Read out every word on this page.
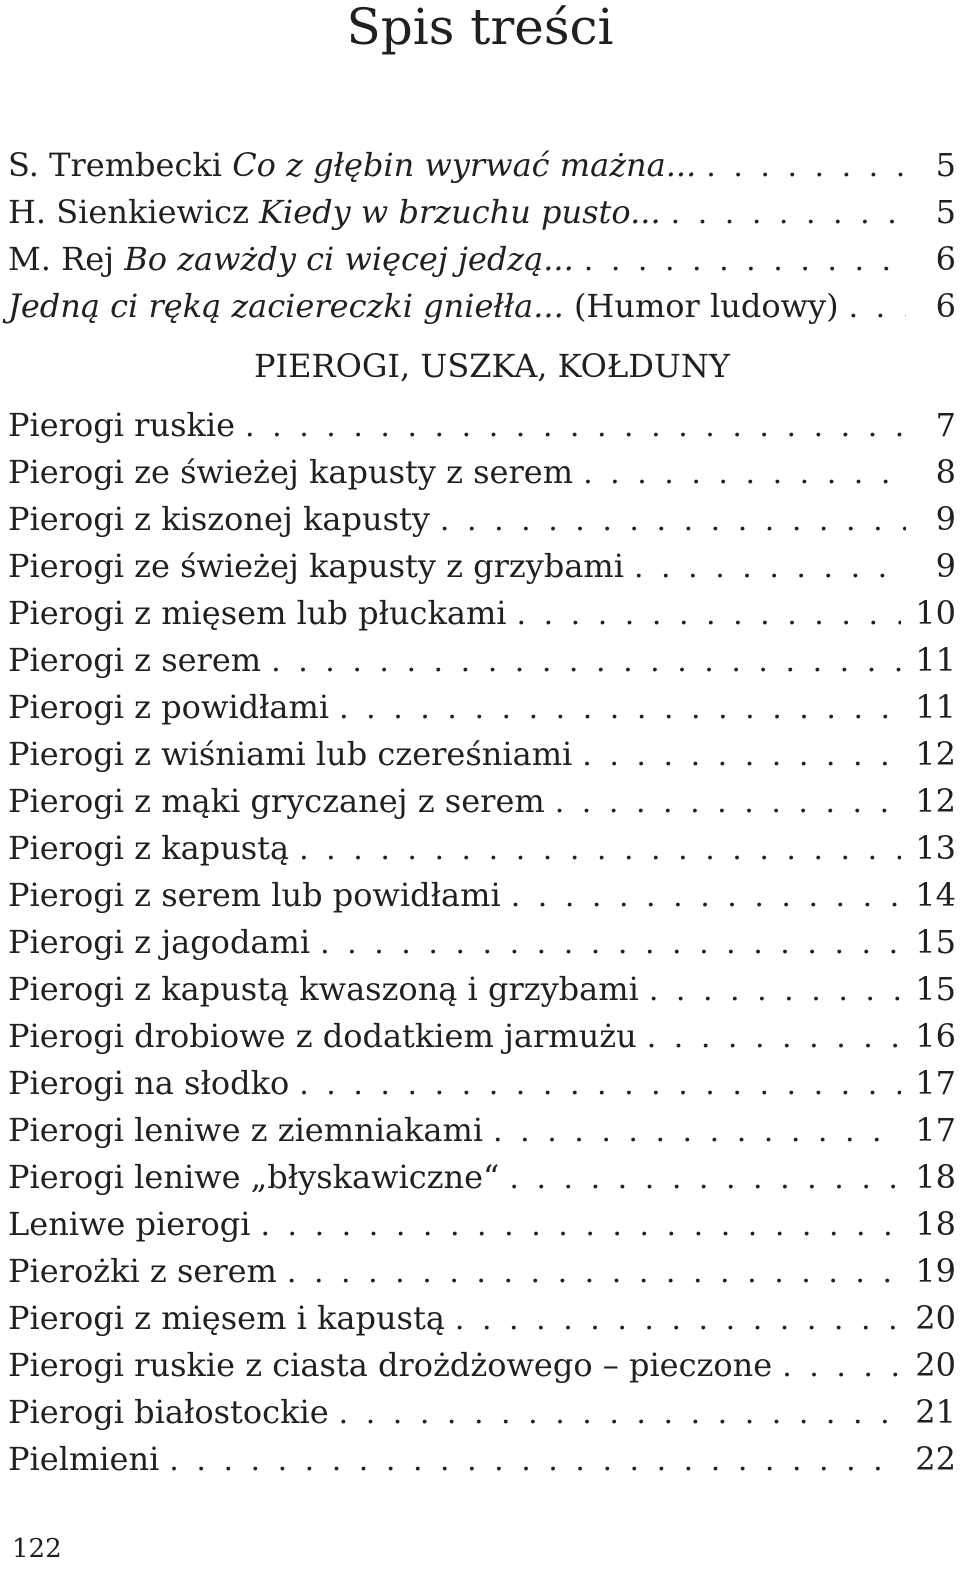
Spis treści
S. Trembecki Co z głębin wyrwać mażna... . . .	5
H. Sienkiewicz Kiedy w brzuchu pusto... . . .	5
M. Rej Bo zawżdy ci więcej jedzą... . . .	6
Jedną ci ręką zaciereczki gniełła... (Humor ludowy) . . .	6
PIEROGI, USZKA, KOŁDUNY
Pierogi ruskie . . .	7
Pierogi ze świeżej kapusty z serem . . .	8
Pierogi z kiszonej kapusty . . .	9
Pierogi ze świeżej kapusty z grzybami . . .	9
Pierogi z mięsem lub płuckami . . .	10
Pierogi z serem . . .	11
Pierogi z powidłami . . .	11
Pierogi z wiśniami lub czereśniami . . .	12
Pierogi z mąki gryczanej z serem . . .	12
Pierogi z kapustą . . .	13
Pierogi z serem lub powidłami . . .	14
Pierogi z jagodami . . .	15
Pierogi z kapustą kwaszoną i grzybami . . .	15
Pierogi drobiowe z dodatkiem jarmużu . . .	16
Pierogi na słodko . . .	17
Pierogi leniwe z ziemniakami . . .	17
Pierogi leniwe „błyskawiczne“ . . .	18
Leniwe pierogi . . .	18
Pierożki z serem . . .	19
Pierogi z mięsem i kapustą . . .	20
Pierogi ruskie z ciasta drożdżowego – pieczone . . .	20
Pierogi białostockie . . .	21
Pielmieni . . .	22
122
